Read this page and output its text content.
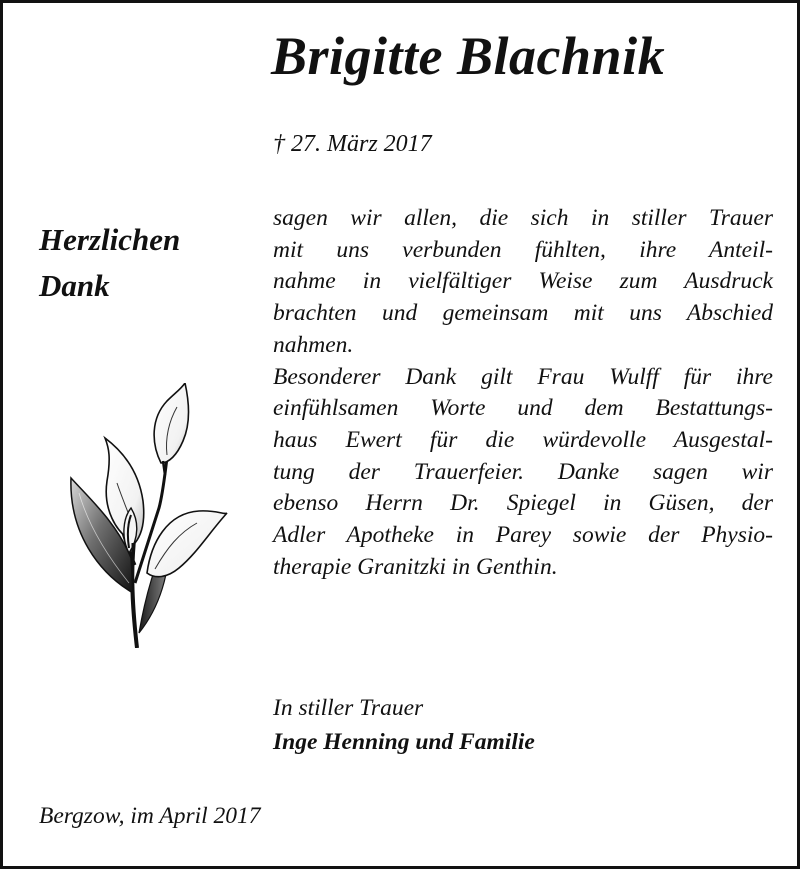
Brigitte Blachnik
† 27. März 2017
Herzlichen
Dank
sagen wir allen, die sich in stiller Trauer
mit uns verbunden fühlten, ihre Anteil-
nahme in vielfältiger Weise zum Ausdruck
brachten und gemeinsam mit uns Abschied
nahmen.
Besonderer Dank gilt Frau Wulff für ihre
einfühlsamen Worte und dem Bestattungs-
haus Ewert für die würdevolle Ausgestal-
tung der Trauerfeier. Danke sagen wir
ebenso Herrn Dr. Spiegel in Güsen, der
Adler Apotheke in Parey sowie der Physio-
therapie Granitzki in Genthin.
In stiller Trauer
Inge Henning und Familie
Bergzow, im April 2017
